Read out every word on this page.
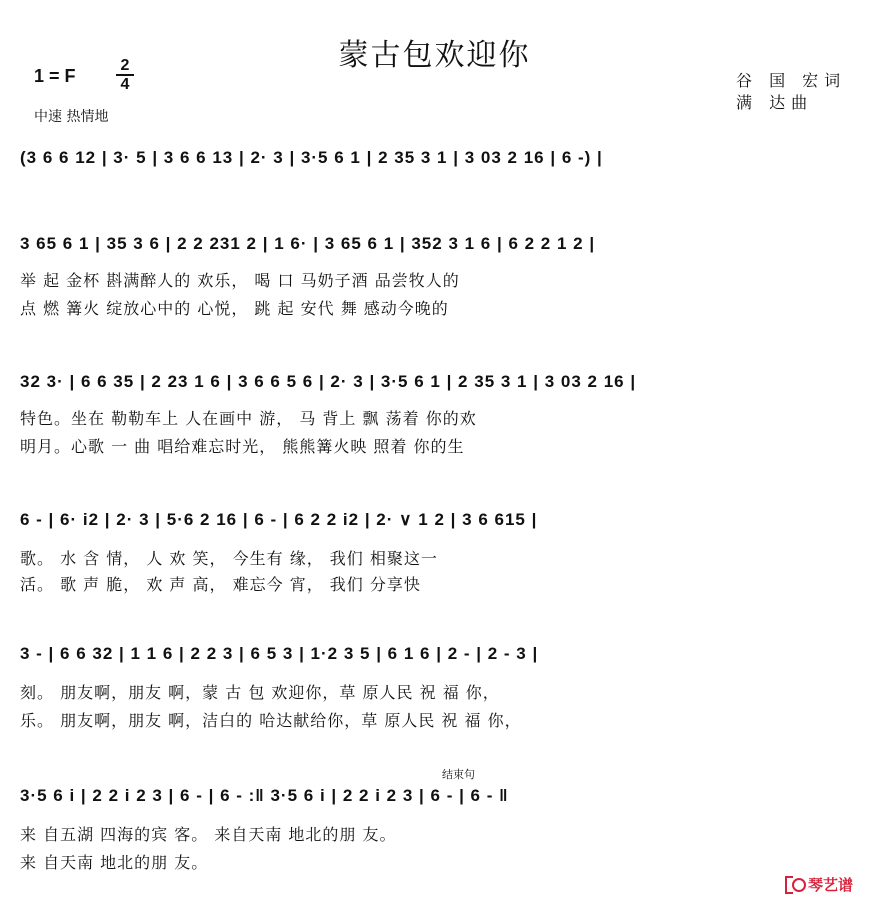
蒙古包欢迎你
1 = F
2
4
中速 热情地
谷 国 宏词
满 达曲
(3 6 6 12 | 3· 5 | 3 6 6 13 | 2· 3 | 3·5 6 1 | 2 35 3 1 | 3 03 2 16 | 6 -) |
3 65 6 1 | 35 3 6 | 2 2 231 2 | 1 6· | 3 65 6 1 | 352 3 1 6 | 6 2 2 1 2 |
举 起 金杯 斟满醉人的 欢乐， 喝 口 马奶子酒 品尝牧人的
点 燃 篝火 绽放心中的 心悦， 跳 起 安代 舞 感动今晚的
32 3· | 6 6 35 | 2 23 1 6 | 3 6 6 5 6 | 2· 3 | 3·5 6 1 | 2 35 3 1 | 3 03 2 16 |
特色。坐在 勒勒车上 人在画中 游， 马 背上 飘 荡着 你的欢
明月。心歌 一 曲 唱给难忘时光， 熊熊篝火映 照着 你的生
6 - | 6· i2 | 2· 3 | 5·6 2 16 | 6 - | 6 2 2 i2 | 2· ∨ 1 2 | 3 6 615 |
歌。 水 含 情， 人 欢 笑， 今生有 缘， 我们 相聚这一
活。 歌 声 脆， 欢 声 高， 难忘今 宵， 我们 分享快
3 - | 6 6 32 | 1 1 6 | 2 2 3 | 6 5 3 | 1·2 3 5 | 6 1 6 | 2 - | 2 - 3 |
刻。 朋友啊，朋友 啊，蒙 古 包 欢迎你，草 原人民 祝 福 你，
乐。 朋友啊，朋友 啊，洁白的 哈达献给你，草 原人民 祝 福 你，
结束句
3·5 6 i | 2 2 i 2 3 | 6 - | 6 - :‖ 3·5 6 i | 2 2 i 2 3 | 6 - | 6 - ‖
来 自五湖 四海的宾 客。 来自天南 地北的朋 友。
来 自天南 地北的朋 友。
琴艺谱
